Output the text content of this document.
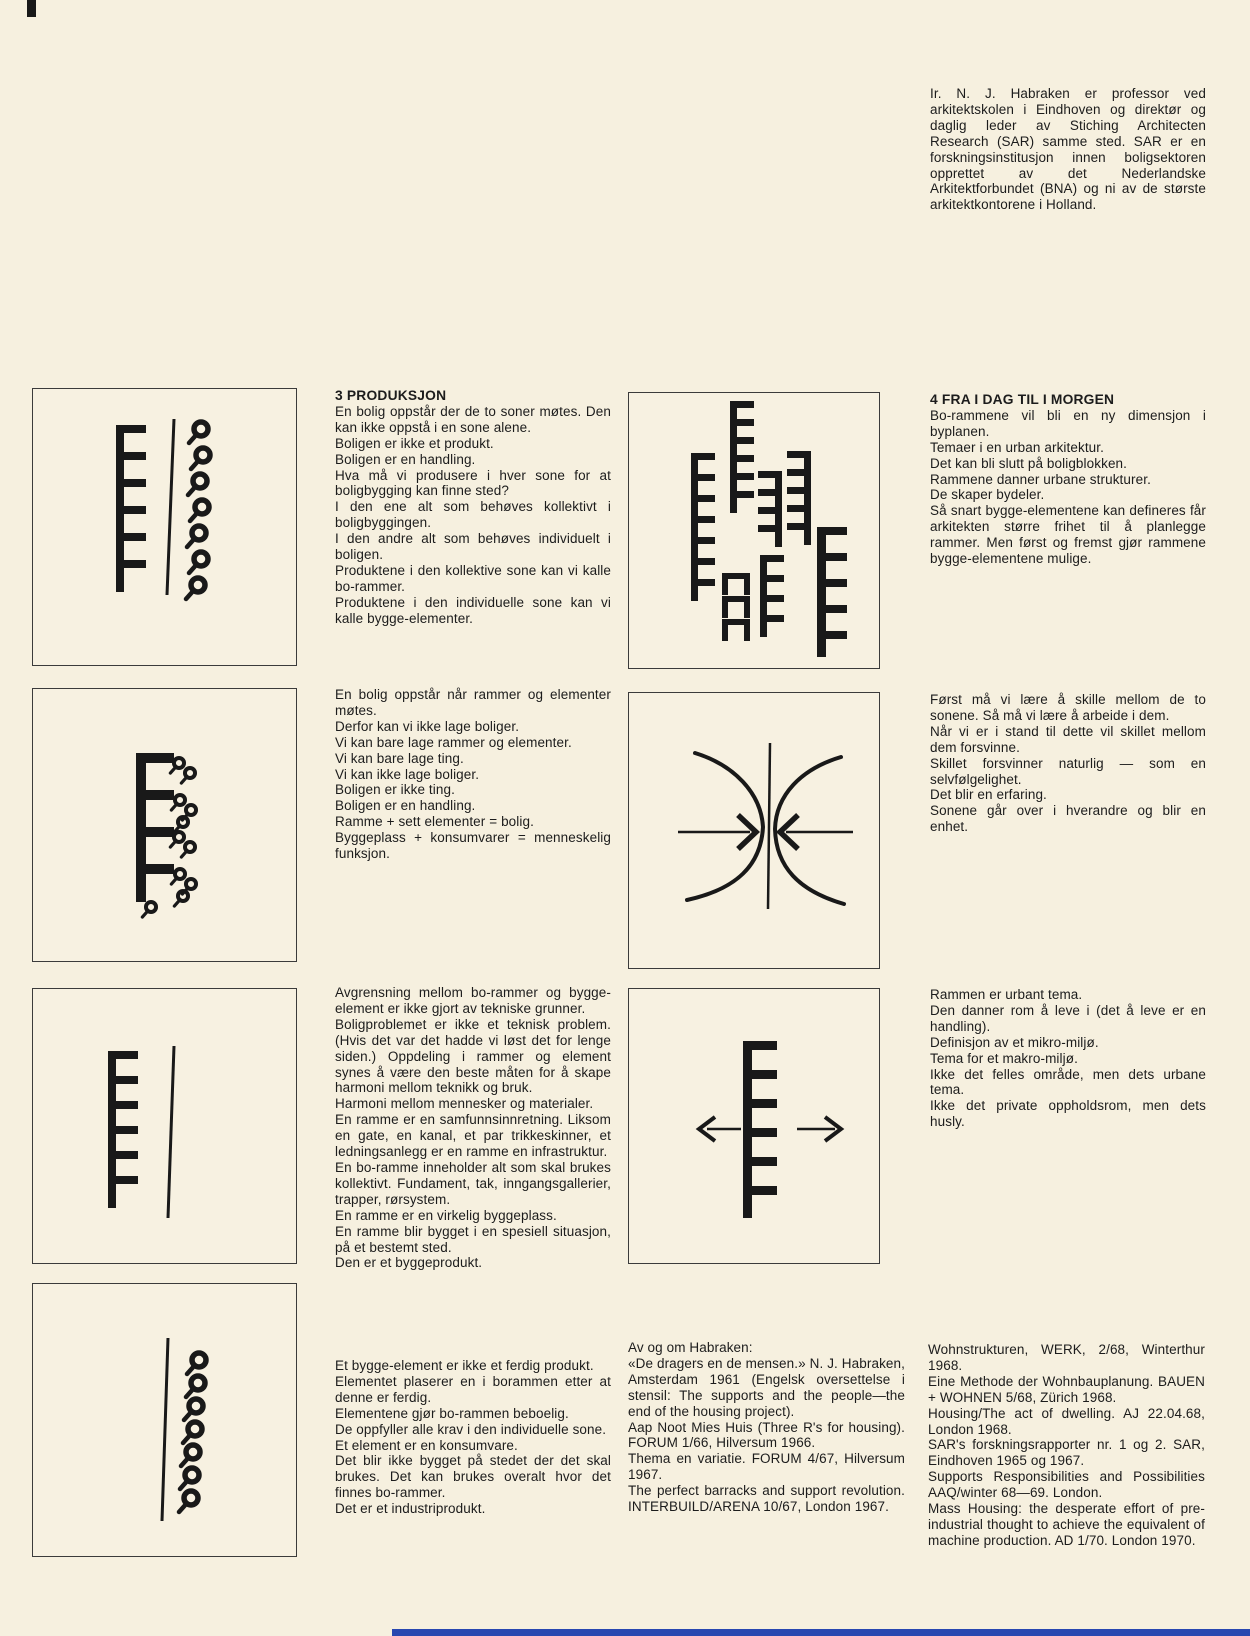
Ir. N. J. Habraken er professor ved arkitektskolen i Eindhoven og direktør og daglig leder av Stiching Architecten Research (SAR) samme sted. SAR er en forskningsinstitusjon innen boligsektoren opprettet av det Nederlandske Arkitektforbundet (BNA) og ni av de største arkitektkontorene i Holland.

3 PRODUKSJON

En bolig oppstår der de to soner møtes. Den kan ikke oppstå i en sone alene.

Boligen er ikke et produkt.

Boligen er en handling.

Hva må vi produsere i hver sone for at boligbygging kan finne sted?

I den ene alt som behøves kollektivt i boligbyggingen.

I den andre alt som behøves individuelt i boligen.

Produktene i den kollektive sone kan vi kalle bo-rammer.

Produktene i den individuelle sone kan vi kalle bygge-elementer.

En bolig oppstår når rammer og elementer møtes.

Derfor kan vi ikke lage boliger.

Vi kan bare lage rammer og elementer.

Vi kan bare lage ting.

Vi kan ikke lage boliger.

Boligen er ikke ting.

Boligen er en handling.

Ramme + sett elementer = bolig.

Byggeplass + konsumvarer = menneskelig funksjon.

Avgrensning mellom bo-rammer og bygge-element er ikke gjort av tekniske grunner.

Boligproblemet er ikke et teknisk problem. (Hvis det var det hadde vi løst det for lenge siden.) Oppdeling i rammer og element synes å være den beste måten for å skape harmoni mellom teknikk og bruk.

Harmoni mellom mennesker og materialer.

En ramme er en samfunnsinnretning. Liksom en gate, en kanal, et par trikkeskinner, et ledningsanlegg er en ramme en infrastruktur.

En bo-ramme inneholder alt som skal brukes kollektivt. Fundament, tak, inngangsgallerier, trapper, rørsystem.

En ramme er en virkelig byggeplass.

En ramme blir bygget i en spesiell situasjon, på et bestemt sted.

Den er et byggeprodukt.

Et bygge-element er ikke et ferdig produkt.

Elementet plaserer en i borammen etter at denne er ferdig.

Elementene gjør bo-rammen beboelig.

De oppfyller alle krav i den individuelle sone.

Et element er en konsumvare.

Det blir ikke bygget på stedet der det skal brukes. Det kan brukes overalt hvor det finnes bo-rammer.

Det er et industriprodukt.

4 FRA I DAG TIL I MORGEN

Bo-rammene vil bli en ny dimensjon i byplanen.

Temaer i en urban arkitektur.

Det kan bli slutt på boligblokken.

Rammene danner urbane strukturer.

De skaper bydeler.

Så snart bygge-elementene kan defineres får arkitekten større frihet til å planlegge rammer. Men først og fremst gjør rammene bygge-elementene mulige.

Først må vi lære å skille mellom de to sonene. Så må vi lære å arbeide i dem.

Når vi er i stand til dette vil skillet mellom dem forsvinne.

Skillet forsvinner naturlig — som en selvfølgelighet.

Det blir en erfaring.

Sonene går over i hverandre og blir en enhet.

Rammen er urbant tema.

Den danner rom å leve i (det å leve er en handling).

Definisjon av et mikro-miljø.

Tema for et makro-miljø.

Ikke det felles område, men dets urbane tema.

Ikke det private oppholdsrom, men dets husly.

Av og om Habraken:

«De dragers en de mensen.» N. J. Habraken, Amsterdam 1961 (Engelsk oversettelse i stensil: The supports and the people—the end of the housing project).

Aap Noot Mies Huis (Three R's for housing). FORUM 1/66, Hilversum 1966.

Thema en variatie. FORUM 4/67, Hilversum 1967.

The perfect barracks and support revolution. INTERBUILD/ARENA 10/67, London 1967.

Wohnstrukturen, WERK, 2/68, Winterthur 1968.

Eine Methode der Wohnbauplanung. BAUEN + WOHNEN 5/68, Zürich 1968.

Housing/The act of dwelling. AJ 22.04.68, London 1968.

SAR's forskningsrapporter nr. 1 og 2. SAR, Eindhoven 1965 og 1967.

Supports Responsibilities and Possibilities AAQ/winter 68—69. London.

Mass Housing: the desperate effort of pre-industrial thought to achieve the equivalent of machine production. AD 1/70. London 1970.
